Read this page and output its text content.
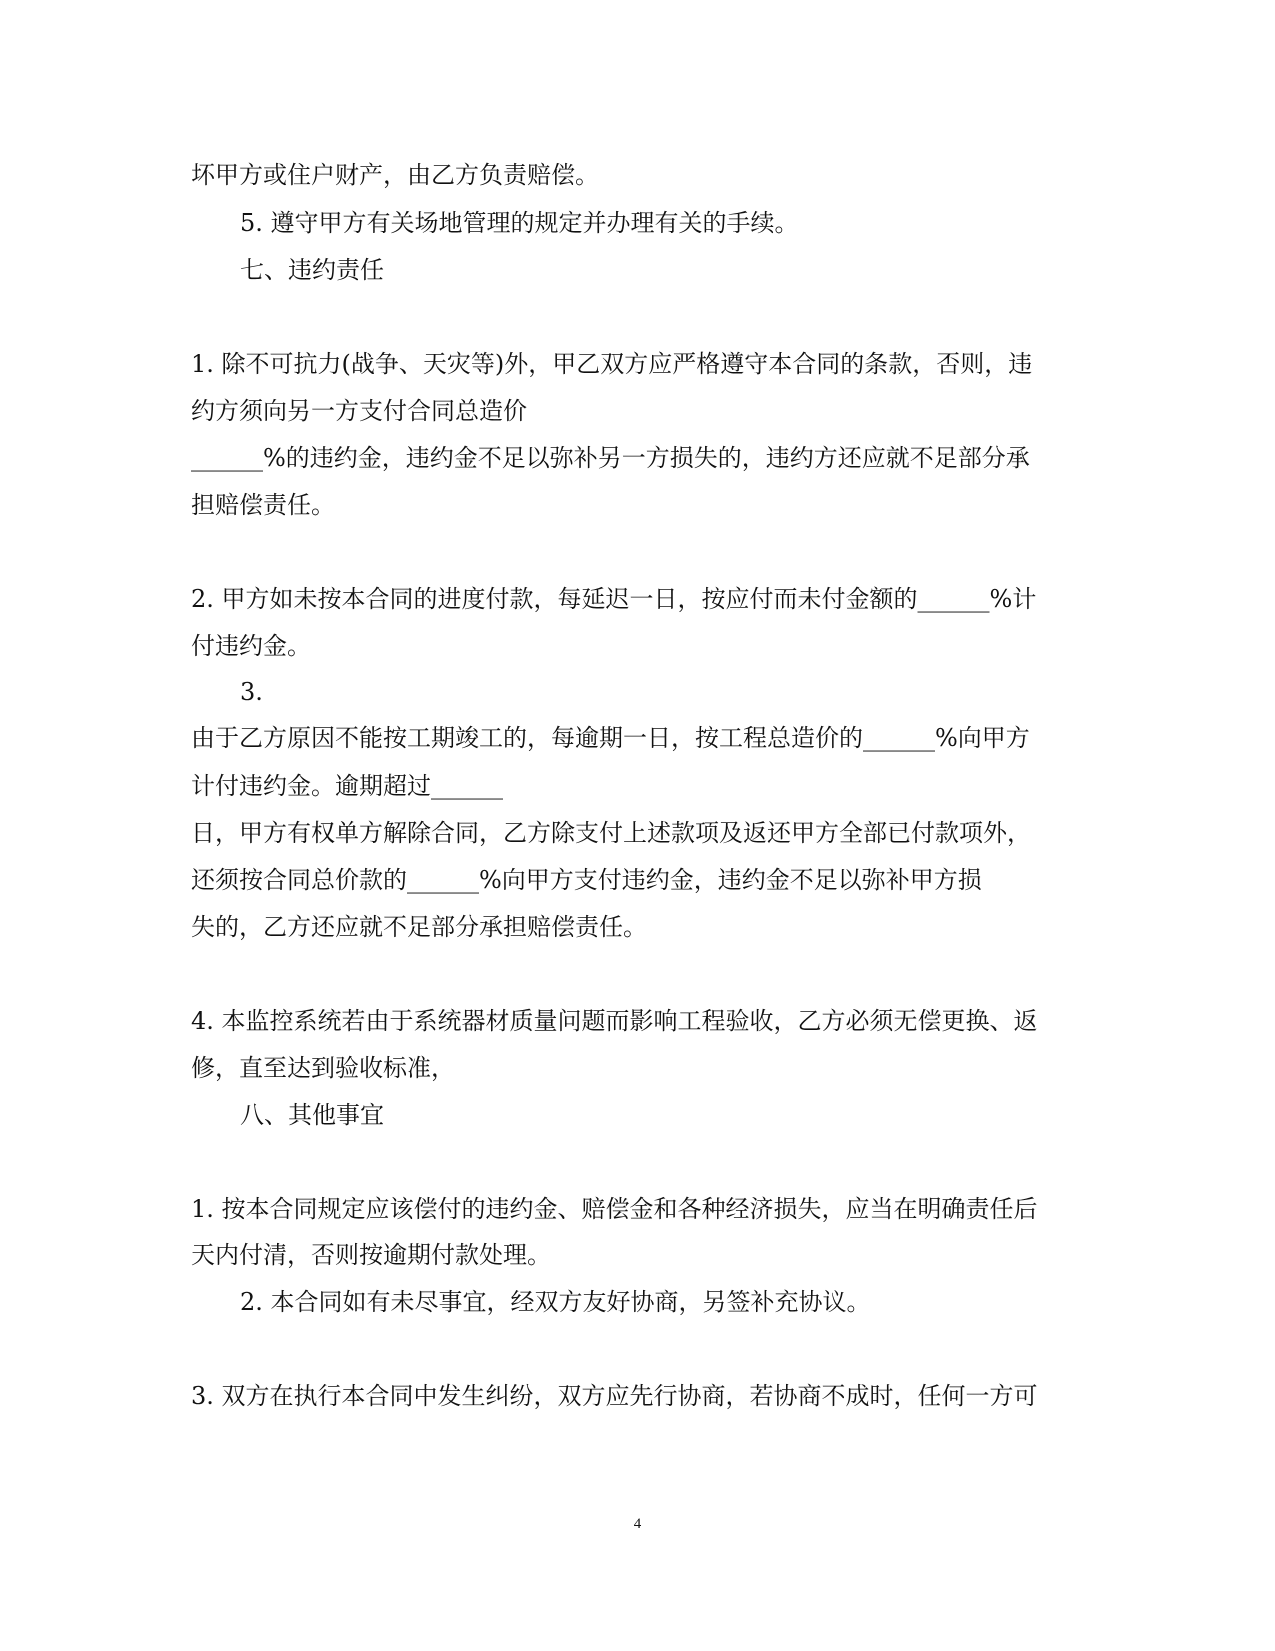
坏甲方或住户财产，由乙方负责赔偿。
5. 遵守甲方有关场地管理的规定并办理有关的手续。
七、违约责任
1. 除不可抗力(战争、天灾等)外，甲乙双方应严格遵守本合同的条款，否则，违
约方须向另一方支付合同总造价
______%的违约金，违约金不足以弥补另一方损失的，违约方还应就不足部分承
担赔偿责任。
2. 甲方如未按本合同的进度付款，每延迟一日，按应付而未付金额的______%计
付违约金。
3.
由于乙方原因不能按工期竣工的，每逾期一日，按工程总造价的______%向甲方
计付违约金。逾期超过______
日，甲方有权单方解除合同，乙方除支付上述款项及返还甲方全部已付款项外，
还须按合同总价款的______%向甲方支付违约金，违约金不足以弥补甲方损
失的，乙方还应就不足部分承担赔偿责任。
4. 本监控系统若由于系统器材质量问题而影响工程验收，乙方必须无偿更换、返
修，直至达到验收标准，
八、其他事宜
1. 按本合同规定应该偿付的违约金、赔偿金和各种经济损失，应当在明确责任后
天内付清，否则按逾期付款处理。
2. 本合同如有未尽事宜，经双方友好协商，另签补充协议。
3. 双方在执行本合同中发生纠纷，双方应先行协商，若协商不成时，任何一方可
4
